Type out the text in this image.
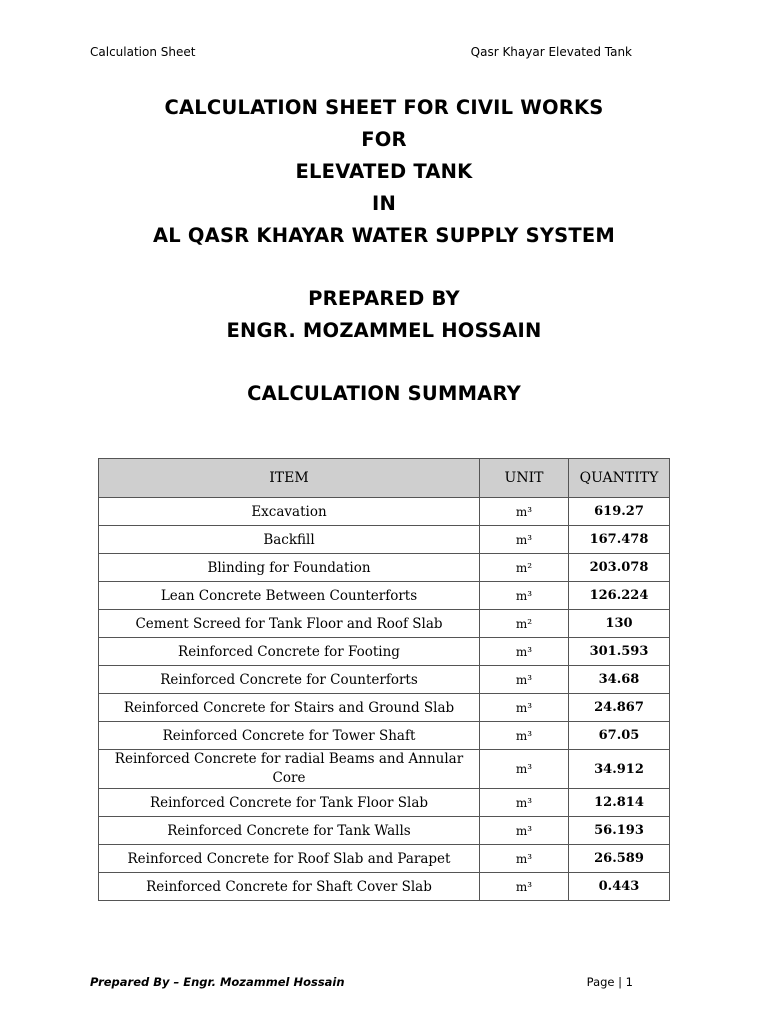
Calculation Sheet	Qasr Khayar Elevated Tank
CALCULATION SHEET FOR CIVIL WORKS
FOR
ELEVATED TANK
IN
AL QASR KHAYAR WATER SUPPLY SYSTEM
PREPARED BY
ENGR. MOZAMMEL HOSSAIN
CALCULATION SUMMARY
ITEM	UNIT	QUANTITY
Excavation	m³	619.27
Backfill	m³	167.478
Blinding for Foundation	m²	203.078
Lean Concrete Between Counterforts	m³	126.224
Cement Screed for Tank Floor and Roof Slab	m²	130
Reinforced Concrete for Footing	m³	301.593
Reinforced Concrete for Counterforts	m³	34.68
Reinforced Concrete for Stairs and Ground Slab	m³	24.867
Reinforced Concrete for Tower Shaft	m³	67.05
Reinforced Concrete for radial Beams and Annular Core	m³	34.912
Reinforced Concrete for Tank Floor Slab	m³	12.814
Reinforced Concrete for Tank Walls	m³	56.193
Reinforced Concrete for Roof Slab and Parapet	m³	26.589
Reinforced Concrete for Shaft Cover Slab	m³	0.443
Prepared By – Engr. Mozammel Hossain	Page | 1
